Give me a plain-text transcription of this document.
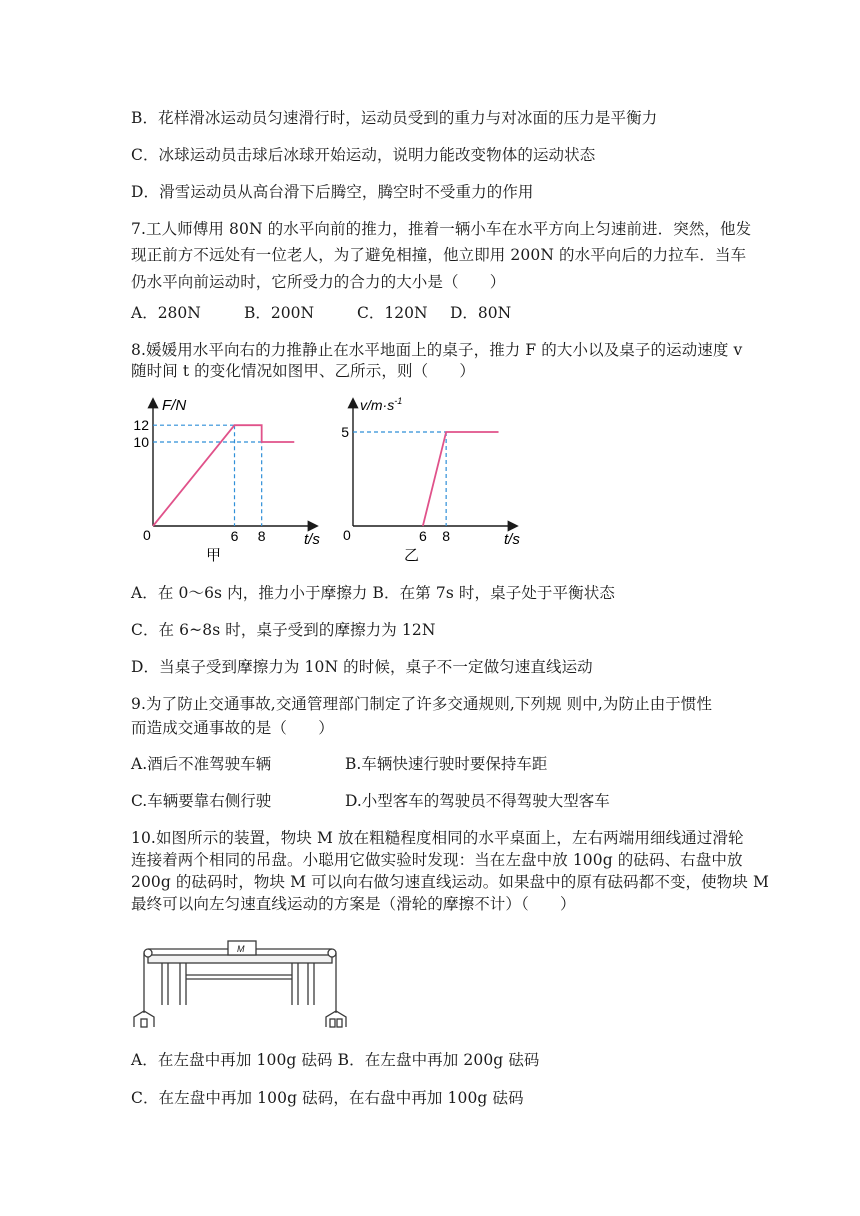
B．花样滑冰运动员匀速滑行时，运动员受到的重力与对冰面的压力是平衡力
C．冰球运动员击球后冰球开始运动，说明力能改变物体的运动状态
D．滑雪运动员从高台滑下后腾空，腾空时不受重力的作用
7.工人师傅用 80N 的水平向前的推力，推着一辆小车在水平方向上匀速前进．突然，他发
现正前方不远处有一位老人，为了避免相撞，他立即用 200N 的水平向后的力拉车．当车
仍水平向前运动时，它所受力的合力的大小是（　　）
A．280N	B．200N	C．120N D．80N
8.媛媛用水平向右的力推静止在水平地面上的桌子，推力 F 的大小以及桌子的运动速度 v
随时间 t 的变化情况如图甲、乙所示，则（　　）
12
10
6 8
F/N
t/s
0
甲
5
6 8
$v/m\cdot s^{-1}$
t/s
0
乙
A．在 0～6s 内，推力小于摩擦力 B．在第 7s 时，桌子处于平衡状态
C．在 6~8s 时，桌子受到的摩擦力为 12N
D．当桌子受到摩擦力为 10N 的时候，桌子不一定做匀速直线运动
9.为了防止交通事故,交通管理部门制定了许多交通规则,下列规 则中,为防止由于惯性
而造成交通事故的是（　　）
A.酒后不准驾驶车辆	B.车辆快速行驶时要保持车距
C.车辆要靠右侧行驶	D.小型客车的驾驶员不得驾驶大型客车
10.如图所示的装置，物块 M 放在粗糙程度相同的水平桌面上，左右两端用细线通过滑轮
连接着两个相同的吊盘。小聪用它做实验时发现：当在左盘中放 100g 的砝码、右盘中放
200g 的砝码时，物块 M 可以向右做匀速直线运动。如果盘中的原有砝码都不变，使物块 M
最终可以向左匀速直线运动的方案是（滑轮的摩擦不计）（　　）
M
A．在左盘中再加 100g 砝码 B．在左盘中再加 200g 砝码
C．在左盘中再加 100g 砝码，在右盘中再加 100g 砝码
